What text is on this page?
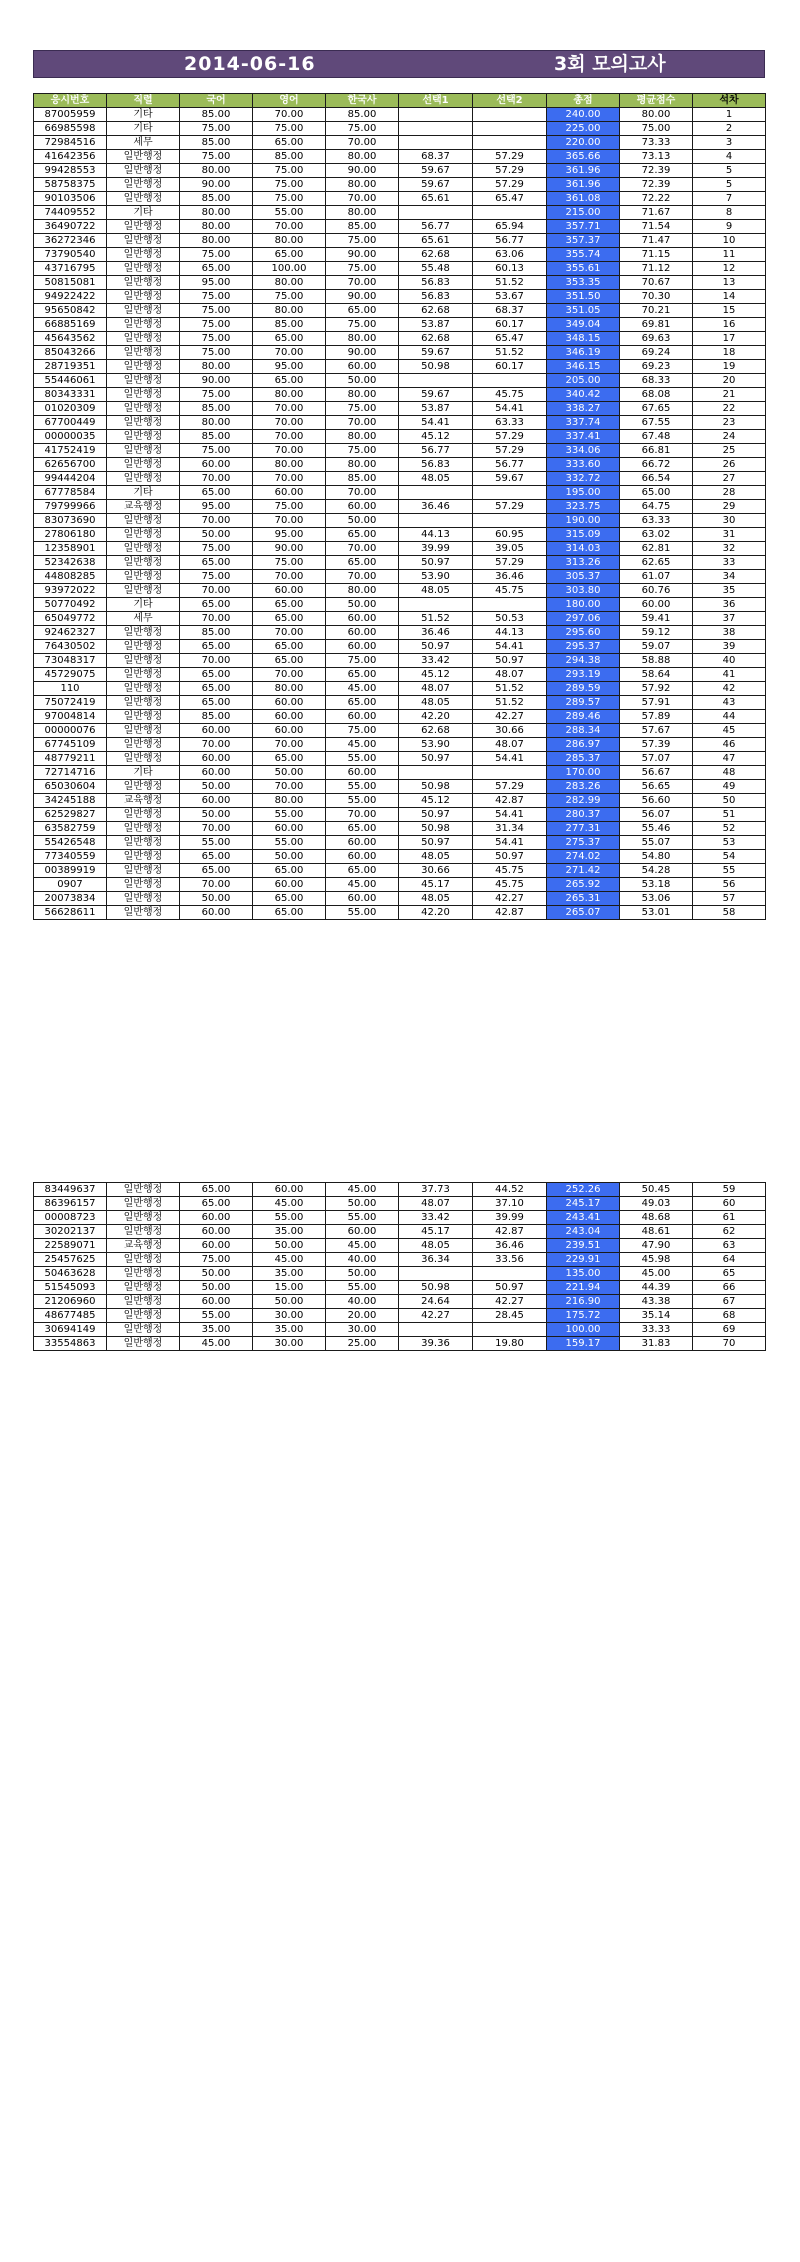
2014-06-16	3회 모의고사
응시번호	직렬	국어	영어	한국사	선택1	선택2	총점	평균점수	석차
87005959	기타	85.00	70.00	85.00			240.00	80.00	1
66985598	기타	75.00	75.00	75.00			225.00	75.00	2
72984516	세무	85.00	65.00	70.00			220.00	73.33	3
41642356	일반행정	75.00	85.00	80.00	68.37	57.29	365.66	73.13	4
99428553	일반행정	80.00	75.00	90.00	59.67	57.29	361.96	72.39	5
58758375	일반행정	90.00	75.00	80.00	59.67	57.29	361.96	72.39	5
90103506	일반행정	85.00	75.00	70.00	65.61	65.47	361.08	72.22	7
74409552	기타	80.00	55.00	80.00			215.00	71.67	8
36490722	일반행정	80.00	70.00	85.00	56.77	65.94	357.71	71.54	9
36272346	일반행정	80.00	80.00	75.00	65.61	56.77	357.37	71.47	10
73790540	일반행정	75.00	65.00	90.00	62.68	63.06	355.74	71.15	11
43716795	일반행정	65.00	100.00	75.00	55.48	60.13	355.61	71.12	12
50815081	일반행정	95.00	80.00	70.00	56.83	51.52	353.35	70.67	13
94922422	일반행정	75.00	75.00	90.00	56.83	53.67	351.50	70.30	14
95650842	일반행정	75.00	80.00	65.00	62.68	68.37	351.05	70.21	15
66885169	일반행정	75.00	85.00	75.00	53.87	60.17	349.04	69.81	16
45643562	일반행정	75.00	65.00	80.00	62.68	65.47	348.15	69.63	17
85043266	일반행정	75.00	70.00	90.00	59.67	51.52	346.19	69.24	18
28719351	일반행정	80.00	95.00	60.00	50.98	60.17	346.15	69.23	19
55446061	일반행정	90.00	65.00	50.00			205.00	68.33	20
80343331	일반행정	75.00	80.00	80.00	59.67	45.75	340.42	68.08	21
01020309	일반행정	85.00	70.00	75.00	53.87	54.41	338.27	67.65	22
67700449	일반행정	80.00	70.00	70.00	54.41	63.33	337.74	67.55	23
00000035	일반행정	85.00	70.00	80.00	45.12	57.29	337.41	67.48	24
41752419	일반행정	75.00	70.00	75.00	56.77	57.29	334.06	66.81	25
62656700	일반행정	60.00	80.00	80.00	56.83	56.77	333.60	66.72	26
99444204	일반행정	70.00	70.00	85.00	48.05	59.67	332.72	66.54	27
67778584	기타	65.00	60.00	70.00			195.00	65.00	28
79799966	교육행정	95.00	75.00	60.00	36.46	57.29	323.75	64.75	29
83073690	일반행정	70.00	70.00	50.00			190.00	63.33	30
27806180	일반행정	50.00	95.00	65.00	44.13	60.95	315.09	63.02	31
12358901	일반행정	75.00	90.00	70.00	39.99	39.05	314.03	62.81	32
52342638	일반행정	65.00	75.00	65.00	50.97	57.29	313.26	62.65	33
44808285	일반행정	75.00	70.00	70.00	53.90	36.46	305.37	61.07	34
93972022	일반행정	70.00	60.00	80.00	48.05	45.75	303.80	60.76	35
50770492	기타	65.00	65.00	50.00			180.00	60.00	36
65049772	세무	70.00	65.00	60.00	51.52	50.53	297.06	59.41	37
92462327	일반행정	85.00	70.00	60.00	36.46	44.13	295.60	59.12	38
76430502	일반행정	65.00	65.00	60.00	50.97	54.41	295.37	59.07	39
73048317	일반행정	70.00	65.00	75.00	33.42	50.97	294.38	58.88	40
45729075	일반행정	65.00	70.00	65.00	45.12	48.07	293.19	58.64	41
110	일반행정	65.00	80.00	45.00	48.07	51.52	289.59	57.92	42
75072419	일반행정	65.00	60.00	65.00	48.05	51.52	289.57	57.91	43
97004814	일반행정	85.00	60.00	60.00	42.20	42.27	289.46	57.89	44
00000076	일반행정	60.00	60.00	75.00	62.68	30.66	288.34	57.67	45
67745109	일반행정	70.00	70.00	45.00	53.90	48.07	286.97	57.39	46
48779211	일반행정	60.00	65.00	55.00	50.97	54.41	285.37	57.07	47
72714716	기타	60.00	50.00	60.00			170.00	56.67	48
65030604	일반행정	50.00	70.00	55.00	50.98	57.29	283.26	56.65	49
34245188	교육행정	60.00	80.00	55.00	45.12	42.87	282.99	56.60	50
62529827	일반행정	50.00	55.00	70.00	50.97	54.41	280.37	56.07	51
63582759	일반행정	70.00	60.00	65.00	50.98	31.34	277.31	55.46	52
55426548	일반행정	55.00	55.00	60.00	50.97	54.41	275.37	55.07	53
77340559	일반행정	65.00	50.00	60.00	48.05	50.97	274.02	54.80	54
00389919	일반행정	65.00	65.00	65.00	30.66	45.75	271.42	54.28	55
0907	일반행정	70.00	60.00	45.00	45.17	45.75	265.92	53.18	56
20073834	일반행정	50.00	65.00	60.00	48.05	42.27	265.31	53.06	57
56628611	일반행정	60.00	65.00	55.00	42.20	42.87	265.07	53.01	58
83449637	일반행정	65.00	60.00	45.00	37.73	44.52	252.26	50.45	59
86396157	일반행정	65.00	45.00	50.00	48.07	37.10	245.17	49.03	60
00008723	일반행정	60.00	55.00	55.00	33.42	39.99	243.41	48.68	61
30202137	일반행정	60.00	35.00	60.00	45.17	42.87	243.04	48.61	62
22589071	교육행정	60.00	50.00	45.00	48.05	36.46	239.51	47.90	63
25457625	일반행정	75.00	45.00	40.00	36.34	33.56	229.91	45.98	64
50463628	일반행정	50.00	35.00	50.00			135.00	45.00	65
51545093	일반행정	50.00	15.00	55.00	50.98	50.97	221.94	44.39	66
21206960	일반행정	60.00	50.00	40.00	24.64	42.27	216.90	43.38	67
48677485	일반행정	55.00	30.00	20.00	42.27	28.45	175.72	35.14	68
30694149	일반행정	35.00	35.00	30.00			100.00	33.33	69
33554863	일반행정	45.00	30.00	25.00	39.36	19.80	159.17	31.83	70
